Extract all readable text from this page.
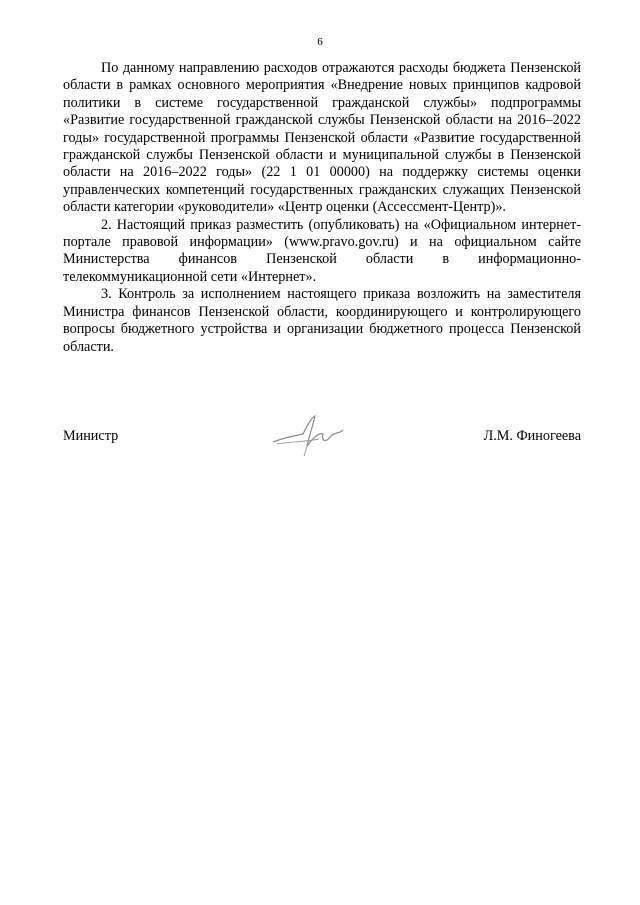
6

По данному направлению расходов отражаются расходы бюджета Пензенской области в рамках основного мероприятия «Внедрение новых принципов кадровой политики в системе государственной гражданской службы» подпрограммы «Развитие государственной гражданской службы Пензенской области на 2016–2022 годы» государственной программы Пензенской области «Развитие государственной гражданской службы Пензенской области и муниципальной службы в Пензенской области на 2016–2022 годы» (22 1 01 00000) на поддержку системы оценки управленческих компетенций государственных гражданских служащих Пензенской области категории «руководители» «Центр оценки (Ассессмент-Центр)».

2. Настоящий приказ разместить (опубликовать) на «Официальном интернет-портале правовой информации» (www.pravo.gov.ru) и на официальном сайте Министерства финансов Пензенской области в информационно-телекоммуникационной сети «Интернет».

3. Контроль за исполнением настоящего приказа возложить на заместителя Министра финансов Пензенской области, координирующего и контролирующего вопросы бюджетного устройства и организации бюджетного процесса Пензенской области.

Министр	Л.М. Финогеева
